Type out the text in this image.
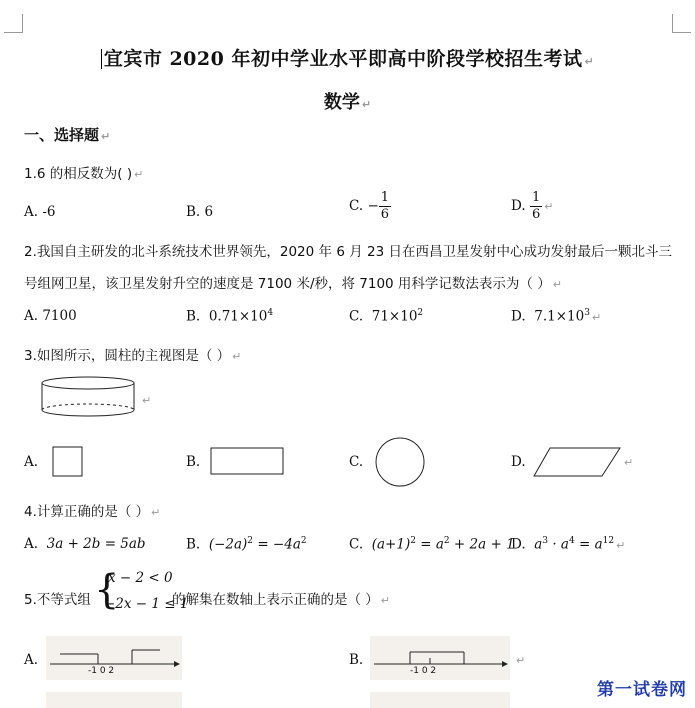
宜宾市 2020 年初中学业水平即高中阶段学校招生考试 ↵
数学 ↵
一、选择题 ↵
1.6 的相反数为( ) ↵
A. -6	B. 6	C. − $\frac{1}{6}$	D. $\frac{1}{6}$ ↵
2.我国自主研发的北斗系统技术世界领先，2020 年 6 月 23 日在西昌卫星发射中心成功发射最后一颗北斗三
号组网卫星，该卫星发射升空的速度是 7100 米/秒，将 7100 用科学记数法表示为（ ） ↵
A. 7100	B. $0.71\times 10^4$	C. $71\times 10^2$	D. $7.1\times 10^3$ ↵
3.如图所示，圆柱的主视图是（ ） ↵
↵
A.	B.	C.	D.	↵
4.计算正确的是（ ） ↵
A. 3a + 2b = 5ab	B. $(-2a)^2 = -4a^2$	C. $(a+1)^2 = a^2 + 2a + 1$
D. $a^3 \cdot a^4 = a^{12}$ ↵
5.不等式组 {
x − 2 < 0
−2x − 1 ≤ 1
的解集在数轴上表示正确的是（ ） ↵
A.
-1 0 2
B.
-1 0 2
↵
第一试卷网
